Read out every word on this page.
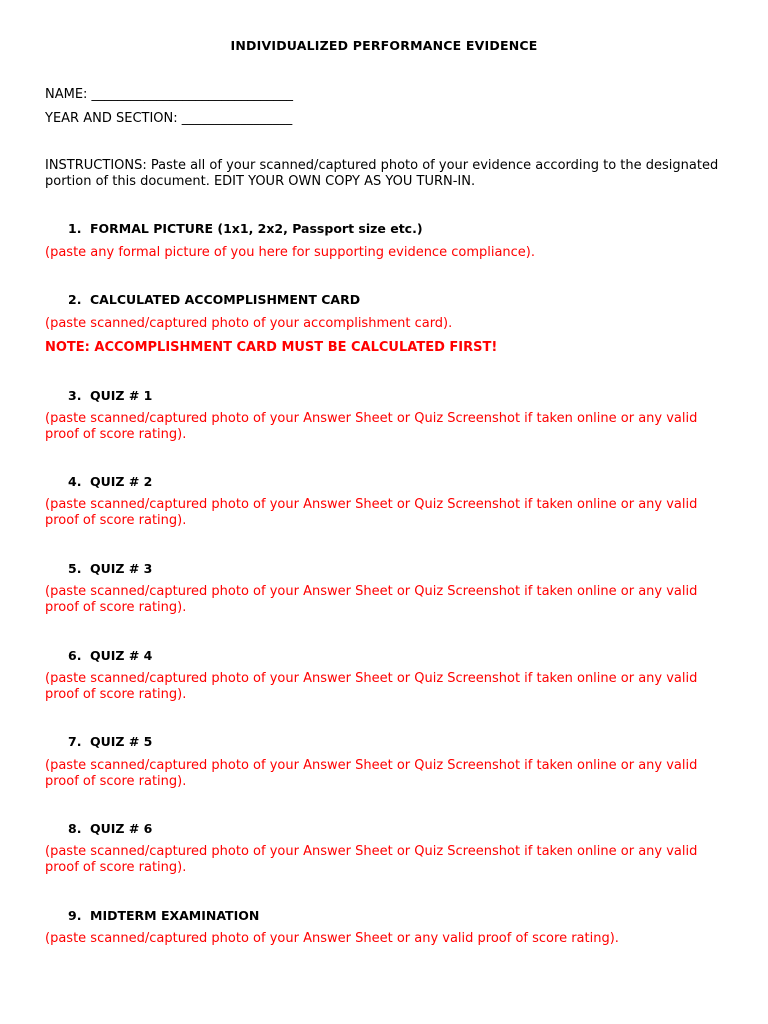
INDIVIDUALIZED PERFORMANCE EVIDENCE
NAME: _______________________________
YEAR AND SECTION: _________________
INSTRUCTIONS: Paste all of your scanned/captured photo of your evidence according to the designated portion of this document. EDIT YOUR OWN COPY AS YOU TURN-IN.
1. FORMAL PICTURE (1x1, 2x2, Passport size etc.)
(paste any formal picture of you here for supporting evidence compliance).
2. CALCULATED ACCOMPLISHMENT CARD
(paste scanned/captured photo of your accomplishment card).
NOTE: ACCOMPLISHMENT CARD MUST BE CALCULATED FIRST!
3. QUIZ # 1
(paste scanned/captured photo of your Answer Sheet or Quiz Screenshot if taken online or any valid proof of score rating).
4. QUIZ # 2
(paste scanned/captured photo of your Answer Sheet or Quiz Screenshot if taken online or any valid proof of score rating).
5. QUIZ # 3
(paste scanned/captured photo of your Answer Sheet or Quiz Screenshot if taken online or any valid proof of score rating).
6. QUIZ # 4
(paste scanned/captured photo of your Answer Sheet or Quiz Screenshot if taken online or any valid proof of score rating).
7. QUIZ # 5
(paste scanned/captured photo of your Answer Sheet or Quiz Screenshot if taken online or any valid proof of score rating).
8. QUIZ # 6
(paste scanned/captured photo of your Answer Sheet or Quiz Screenshot if taken online or any valid proof of score rating).
9. MIDTERM EXAMINATION
(paste scanned/captured photo of your Answer Sheet or any valid proof of score rating).
